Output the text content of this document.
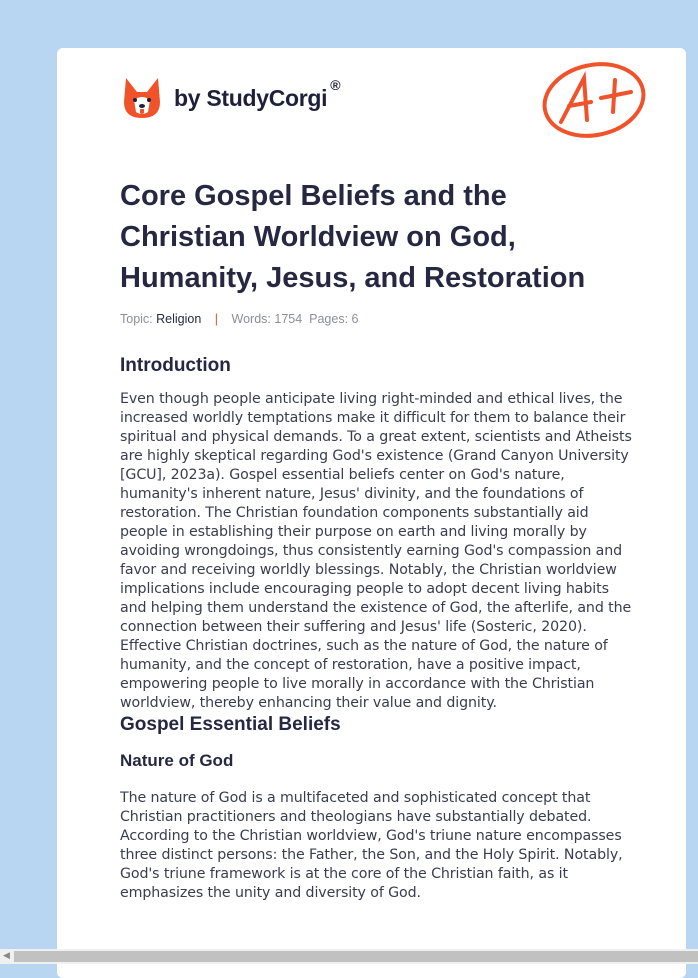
by StudyCorgi ®
Core Gospel Beliefs and the Christian Worldview on God, Humanity, Jesus, and Restoration
Topic: Religion | Words: 1754 Pages: 6
Introduction

Even though people anticipate living right-minded and ethical lives, the increased worldly temptations make it difficult for them to balance their spiritual and physical demands. To a great extent, scientists and Atheists are highly skeptical regarding God's existence (Grand Canyon University [GCU], 2023a). Gospel essential beliefs center on God's nature, humanity's inherent nature, Jesus' divinity, and the foundations of restoration. The Christian foundation components substantially aid people in establishing their purpose on earth and living morally by avoiding wrongdoings, thus consistently earning God's compassion and favor and receiving worldly blessings. Notably, the Christian worldview implications include encouraging people to adopt decent living habits and helping them understand the existence of God, the afterlife, and the connection between their suffering and Jesus' life (Sosteric, 2020). Effective Christian doctrines, such as the nature of God, the nature of humanity, and the concept of restoration, have a positive impact, empowering people to live morally in accordance with the Christian worldview, thereby enhancing their value and dignity.

Gospel Essential Beliefs
Nature of God

The nature of God is a multifaceted and sophisticated concept that Christian practitioners and theologians have substantially debated. According to the Christian worldview, God's triune nature encompasses three distinct persons: the Father, the Son, and the Holy Spirit. Notably, God's triune framework is at the core of the Christian faith, as it emphasizes the unity and diversity of God.

◀
